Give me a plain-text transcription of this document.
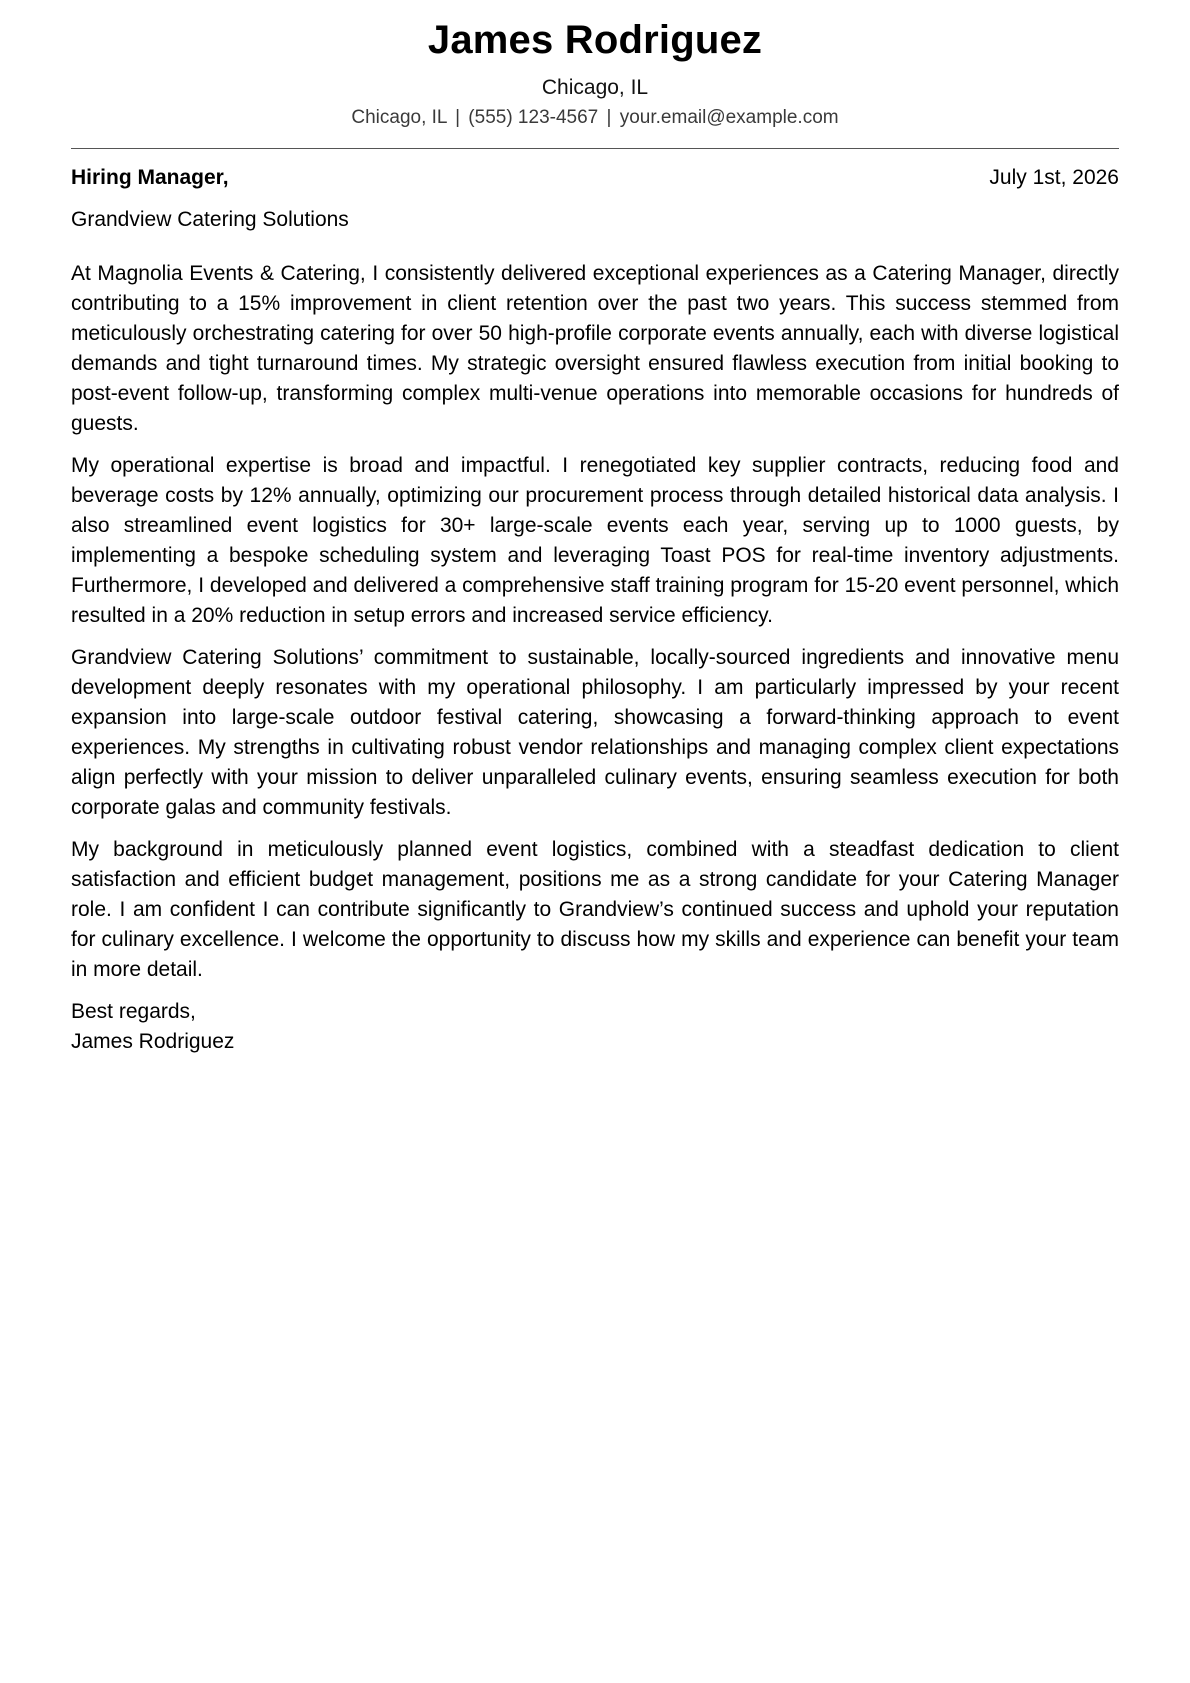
James Rodriguez
Chicago, IL
Chicago, IL | (555) 123-4567 | your.email@example.com
Hiring Manager,	July 1st, 2026
Grandview Catering Solutions

At Magnolia Events & Catering, I consistently delivered exceptional experiences as a Catering Manager, directly contributing to a 15% improvement in client retention over the past two years. This success stemmed from meticulously orchestrating catering for over 50 high-profile corporate events annually, each with diverse logistical demands and tight turnaround times. My strategic oversight ensured flawless execution from initial booking to post-event follow-up, transforming complex multi-venue operations into memorable occasions for hundreds of guests.

My operational expertise is broad and impactful. I renegotiated key supplier contracts, reducing food and beverage costs by 12% annually, optimizing our procurement process through detailed historical data analysis. I also streamlined event logistics for 30+ large-scale events each year, serving up to 1000 guests, by implementing a bespoke scheduling system and leveraging Toast POS for real-time inventory adjustments. Furthermore, I developed and delivered a comprehensive staff training program for 15-20 event personnel, which resulted in a 20% reduction in setup errors and increased service efficiency.

Grandview Catering Solutions’ commitment to sustainable, locally-sourced ingredients and innovative menu development deeply resonates with my operational philosophy. I am particularly impressed by your recent expansion into large-scale outdoor festival catering, showcasing a forward-thinking approach to event experiences. My strengths in cultivating robust vendor relationships and managing complex client expectations align perfectly with your mission to deliver unparalleled culinary events, ensuring seamless execution for both corporate galas and community festivals.

My background in meticulously planned event logistics, combined with a steadfast dedication to client satisfaction and efficient budget management, positions me as a strong candidate for your Catering Manager role. I am confident I can contribute significantly to Grandview’s continued success and uphold your reputation for culinary excellence. I welcome the opportunity to discuss how my skills and experience can benefit your team in more detail.

Best regards,
James Rodriguez
